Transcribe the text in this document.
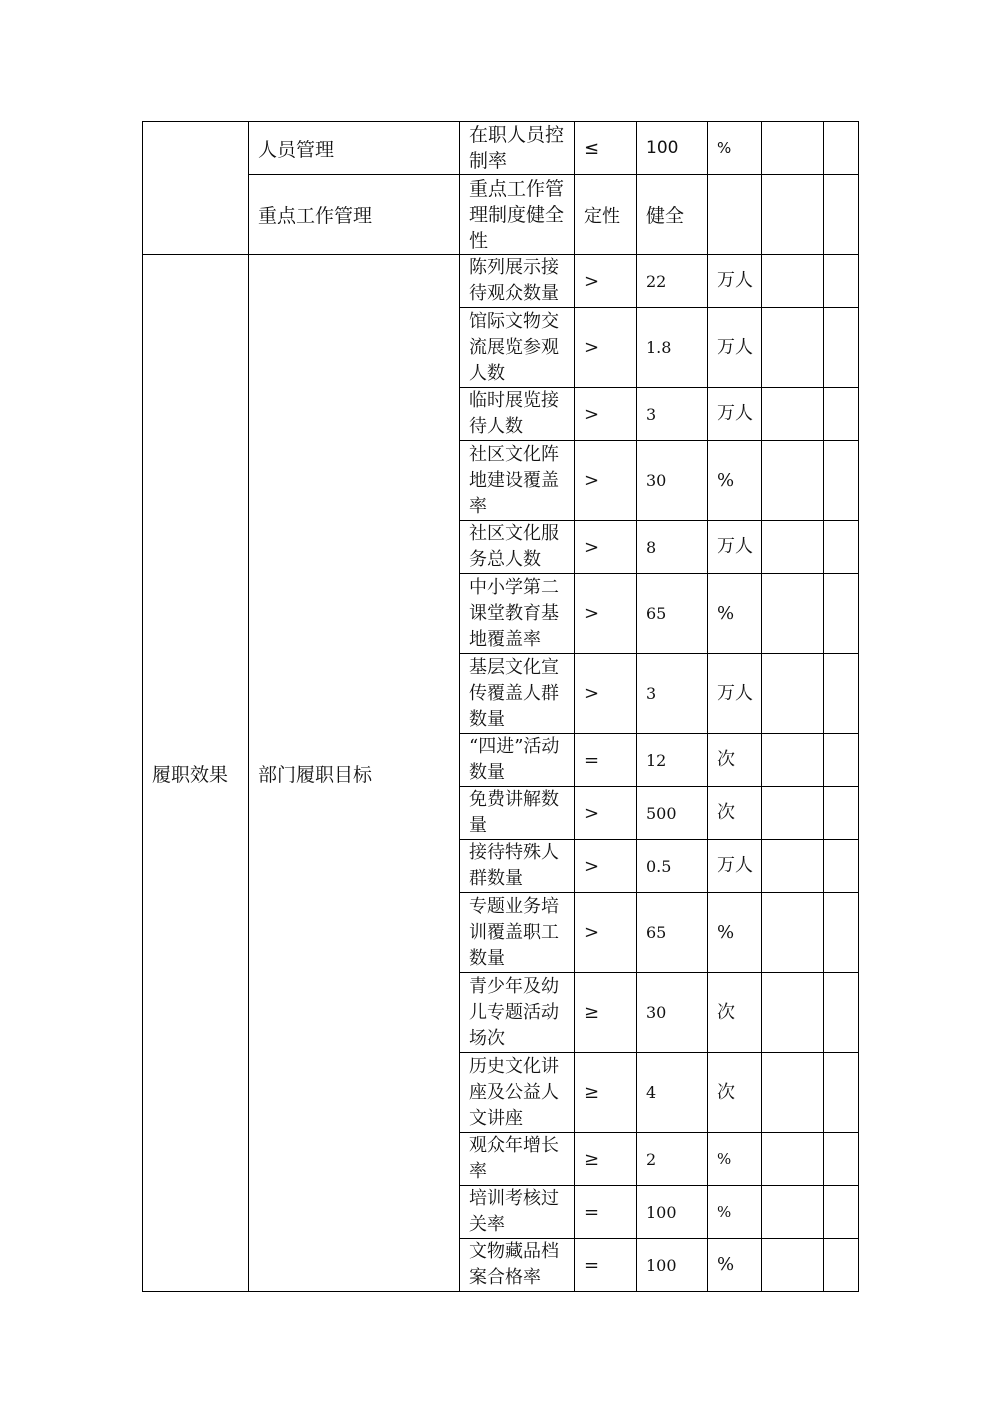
	人员管理	在职人员控制率	≤	100	%		
	重点工作管理	重点工作管理制度健全性	定性	健全			
履职效果	部门履职目标	陈列展示接待观众数量	>	22	万人		
		馆际文物交流展览参观人数	>	1.8	万人		
		临时展览接待人数	>	3	万人		
		社区文化阵地建设覆盖率	>	30	%		
		社区文化服务总人数	>	8	万人		
		中小学第二课堂教育基地覆盖率	>	65	%		
		基层文化宣传覆盖人群数量	>	3	万人		
		“四进”活动数量	=	12	次		
		免费讲解数量	>	500	次		
		接待特殊人群数量	>	0.5	万人		
		专题业务培训覆盖职工数量	>	65	%		
		青少年及幼儿专题活动场次	≥	30	次		
		历史文化讲座及公益人文讲座	≥	4	次		
		观众年增长率	≥	2	%		
		培训考核过关率	=	100	%		
		文物藏品档案合格率	=	100	%		
